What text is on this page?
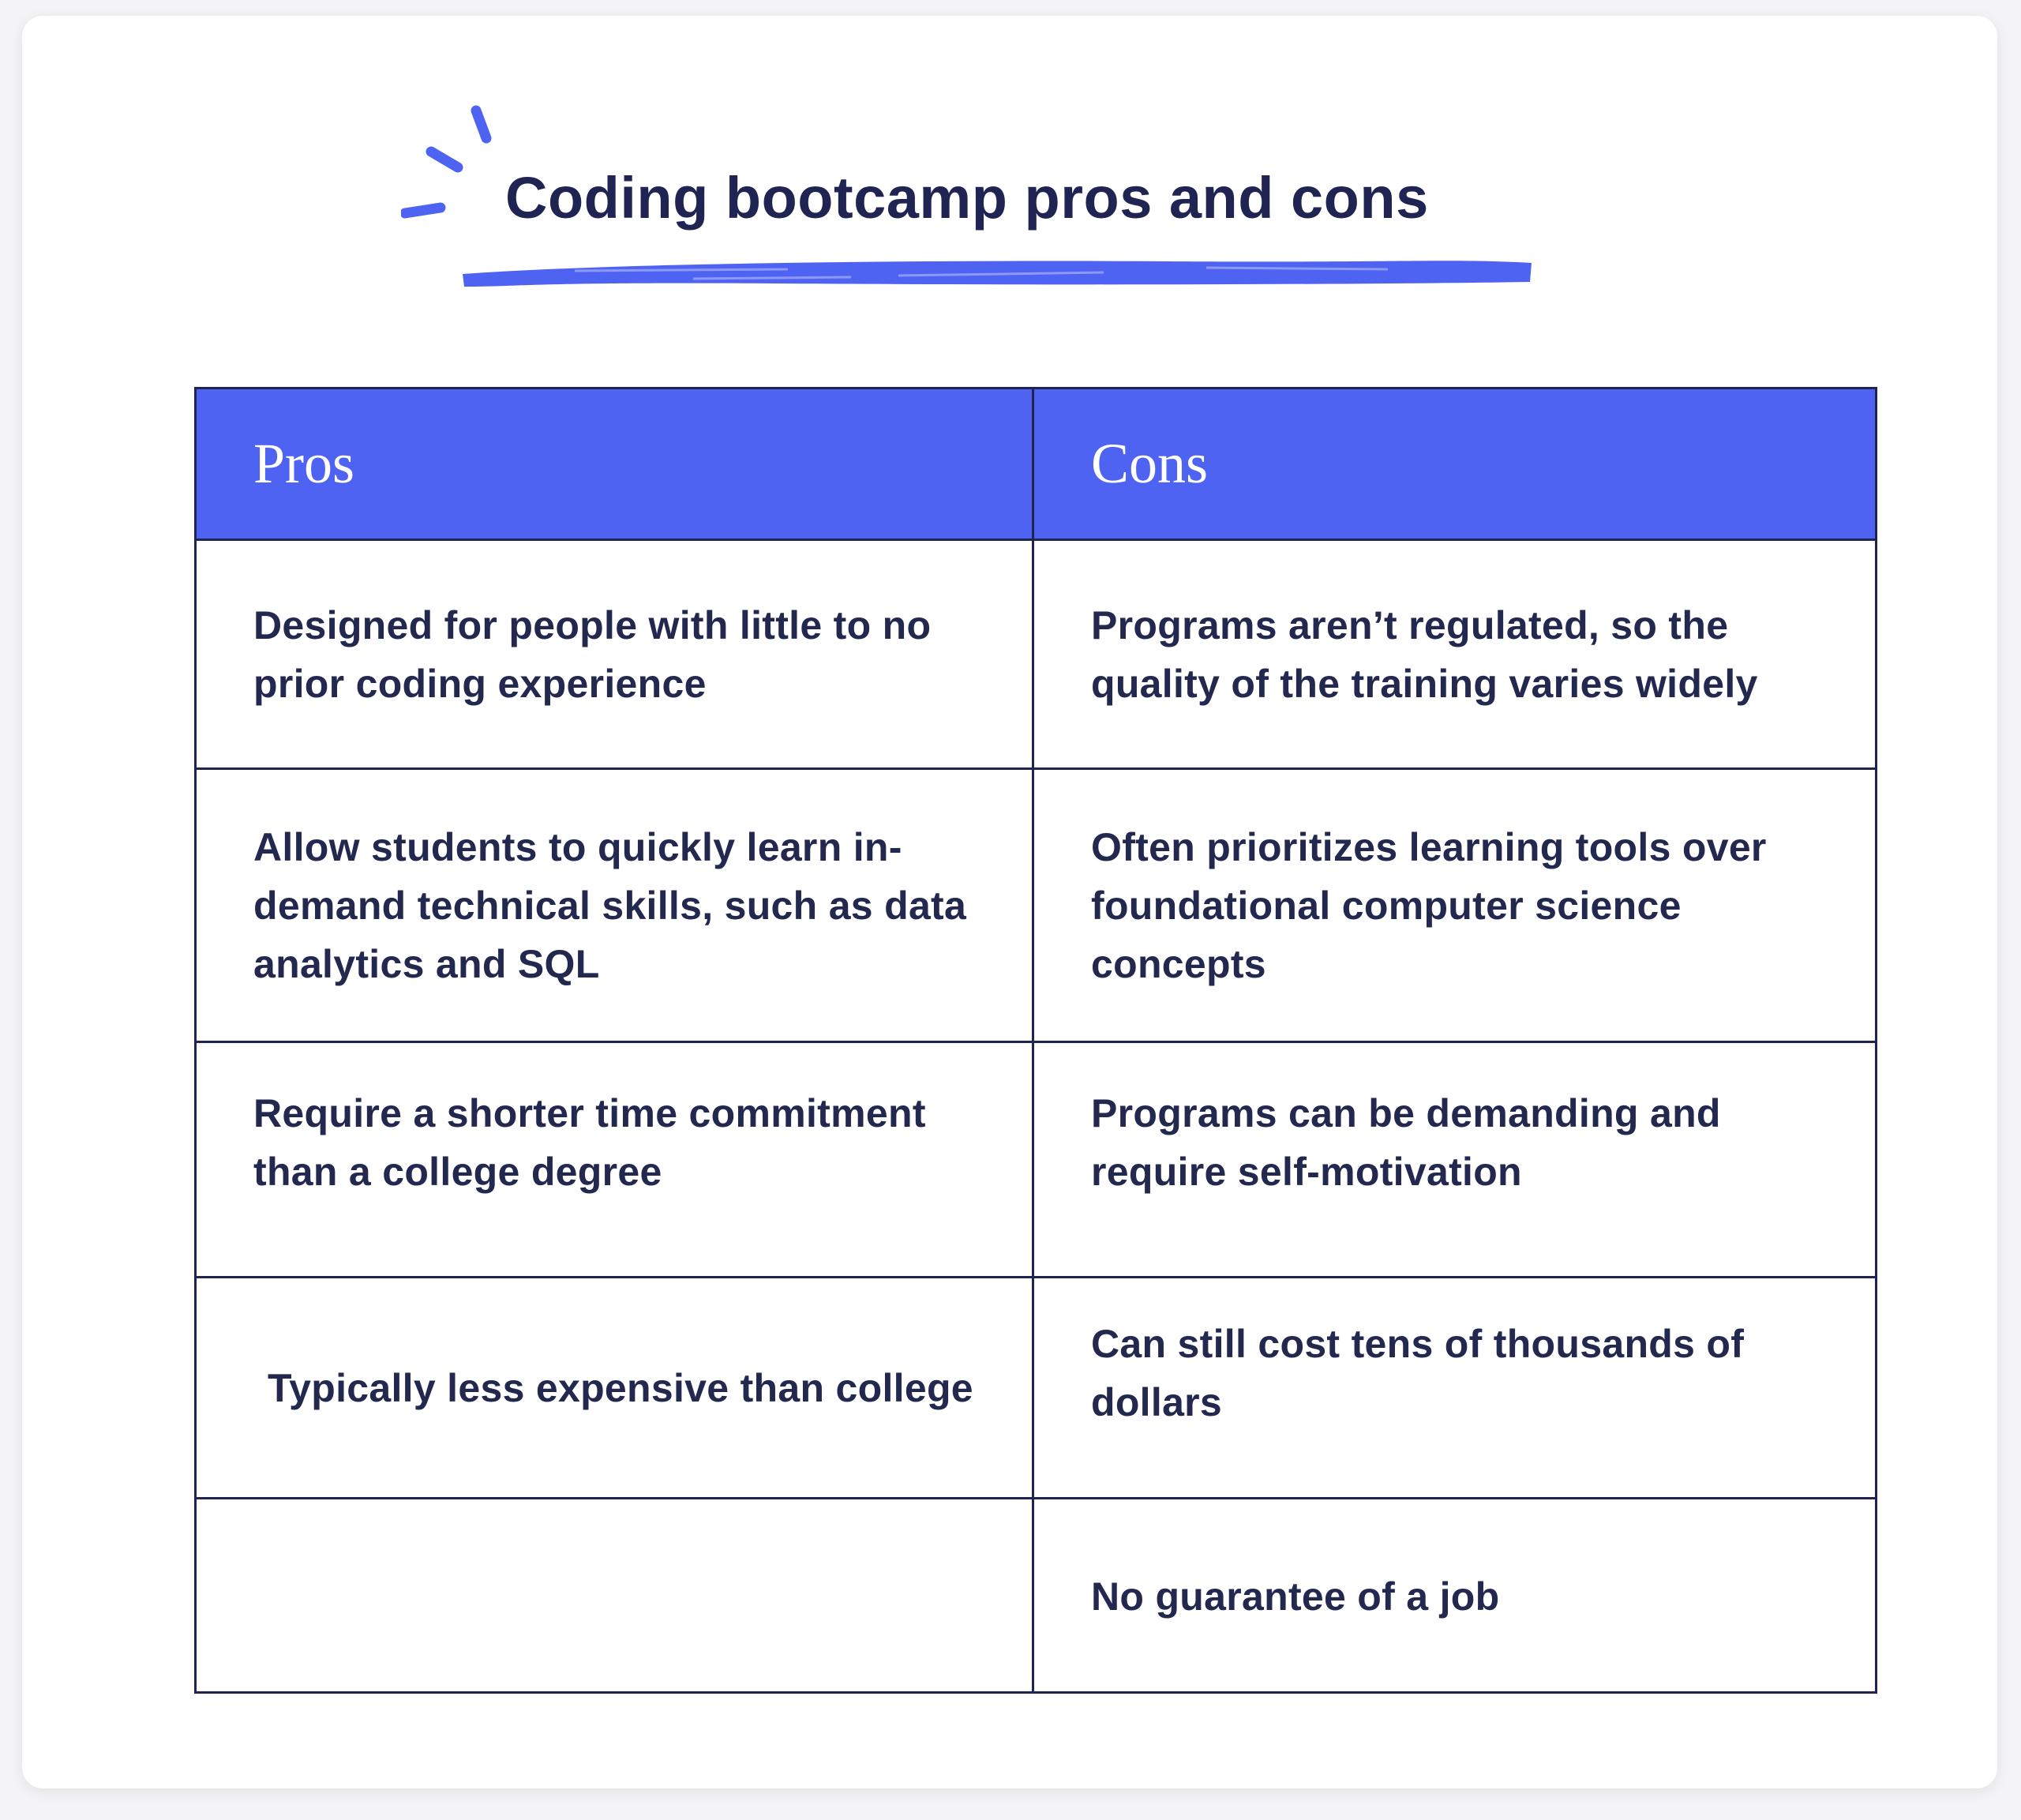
Coding bootcamp pros and cons
Pros	Cons
Designed for people with little to no prior coding experience
Programs aren’t regulated, so the quality of the training varies widely
Allow students to quickly learn in-demand technical skills, such as data analytics and SQL
Often prioritizes learning tools over foundational computer science concepts
Require a shorter time commitment than a college degree
Programs can be demanding and require self-motivation
Typically less expensive than college
Can still cost tens of thousands of dollars
No guarantee of a job
